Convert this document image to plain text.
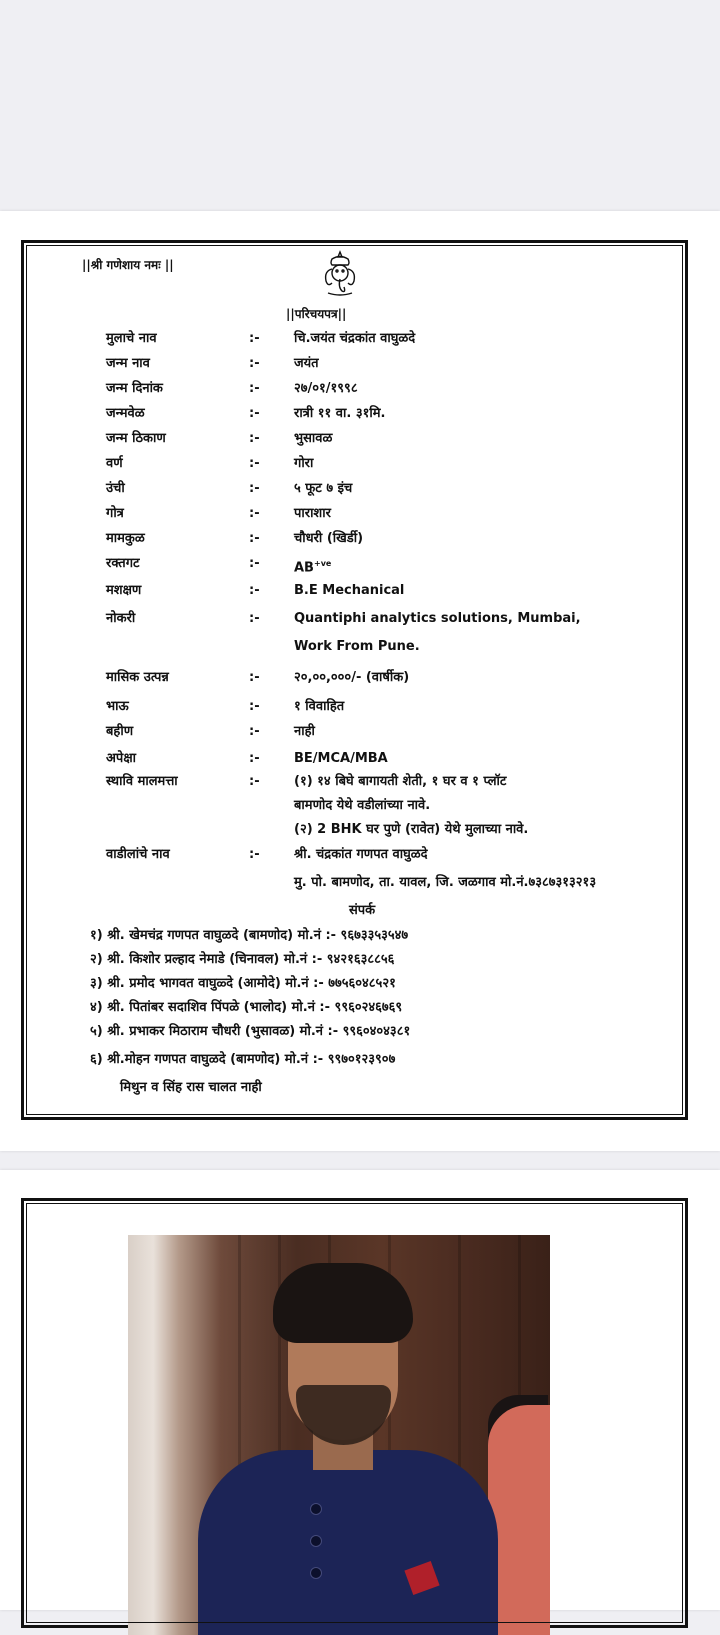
||श्री गणेशाय नमः ||
||परिचयपत्र||
मुलाचे नाव	:-	चि.जयंत चंद्रकांत वाघुळदे
जन्म नाव	:-	जयंत
जन्म दिनांक	:-	२७/०१/१९९८
जन्मवेळ	:-	रात्री ११ वा. ३१मि.
जन्म ठिकाण	:-	भुसावळ
वर्ण	:-	गोरा
उंची	:-	५ फूट ७ इंच
गोत्र	:-	पाराशार
मामकुळ	:-	चौधरी (खिर्डी)
रक्तगट	:-	$AB^{+ve}$
मशक्षण	:-	B.E Mechanical
नोकरी	:-	Quantiphi analytics solutions, Mumbai,
Work From Pune.
मासिक उत्पन्न	:-	२०,००,०००/- (वार्षीक)
भाऊ	:-	१ विवाहित
बहीण	:-	नाही
अपेक्षा	:-	BE/MCA/MBA
स्थावि मालमत्ता	:-	(१) १४ बिघे बागायती शेती, १ घर व १ प्लॉट
बामणोद येथे वडीलांच्या नावे.
(२) 2 BHK घर पुणे (रावेत) येथे मुलाच्या नावे.
वाडीलांचे नाव	:-	श्री. चंद्रकांत गणपत वाघुळदे
मु. पो. बामणोद, ता. यावल, जि. जळगाव मो.नं.७३८७३१३२१३
संपर्क
१) श्री. खेमचंद्र गणपत वाघुळदे (बामणोद) मो.नं :- ९६७३३५३५४७
२) श्री. किशोर प्रल्हाद नेमाडे (चिनावल) मो.नं :- ९४२१६३८८५६
३) श्री. प्रमोद भागवत वाघुळ्दे (आमोदे) मो.नं :- ७७५६०४८५२१
४) श्री. पितांबर सदाशिव पिंपळे (भालोद) मो.नं :- ९९६०२४६७६९
५) श्री. प्रभाकर मिठाराम चौधरी (भुसावळ) मो.नं :- ९९६०४०४३८१
६) श्री.मोहन गणपत वाघुळदे (बामणोद) मो.नं :- ९९७०१२३९०७
मिथुन व सिंह रास चालत नाही
